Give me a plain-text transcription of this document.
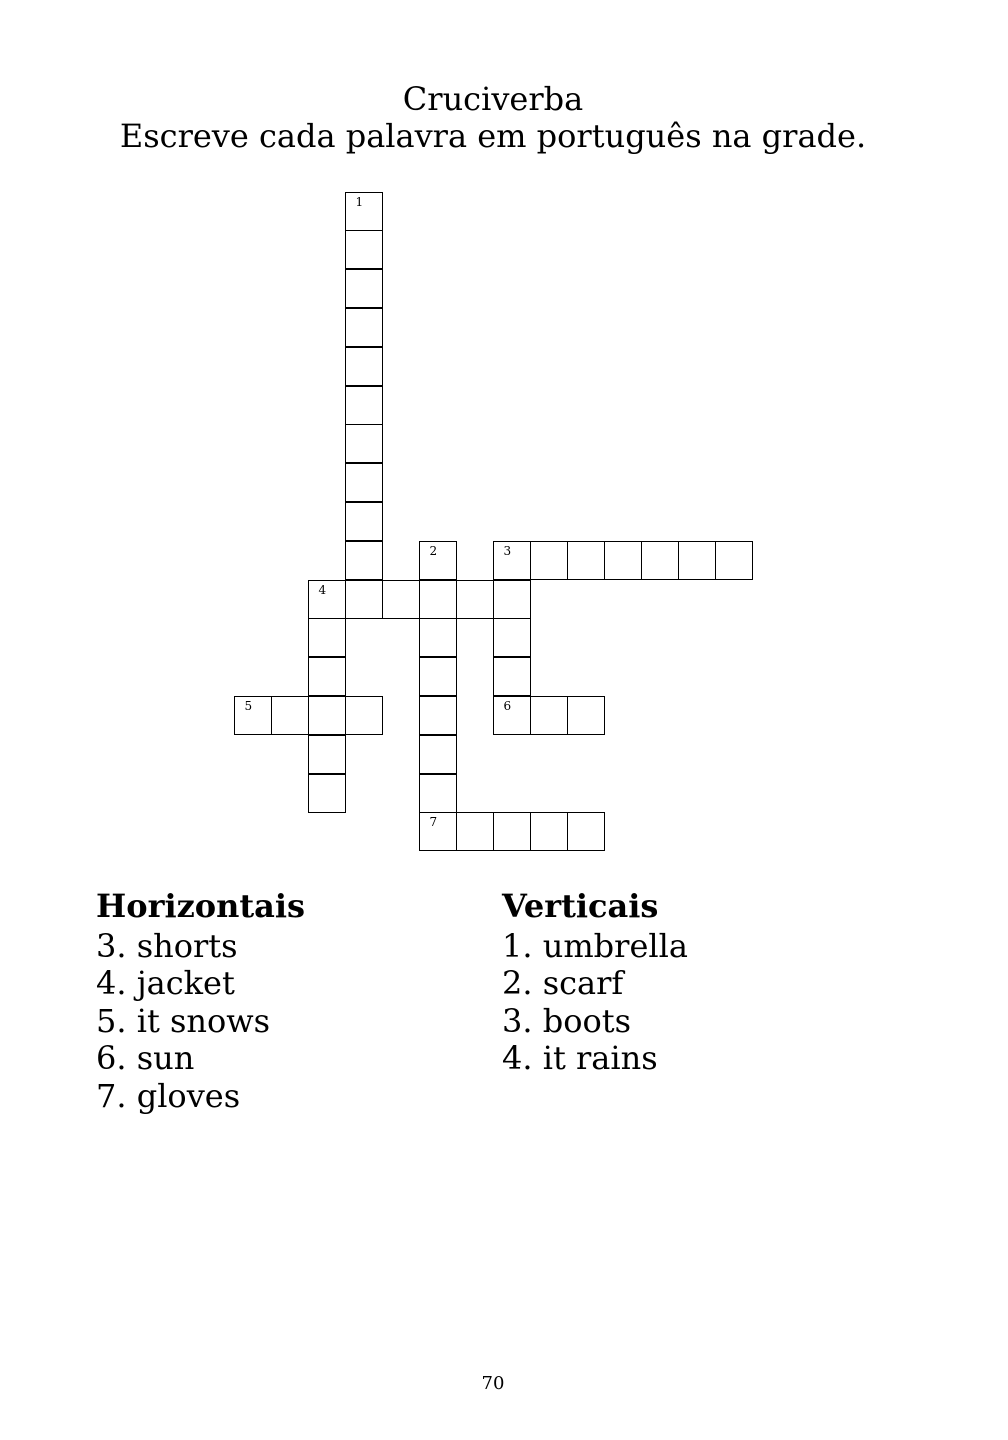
Cruciverba
Escreve cada palavra em português na grade.
1
2
7
3
6
4
5
Horizontais
3. shorts
4. jacket
5. it snows
6. sun
7. gloves
Verticais
1. umbrella
2. scarf
3. boots
4. it rains
70
